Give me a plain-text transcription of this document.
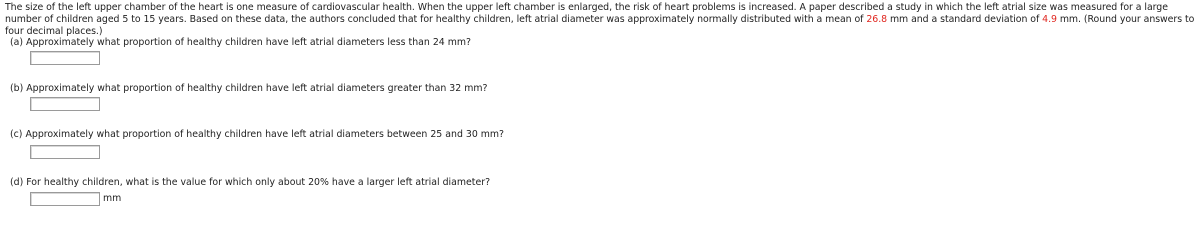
The size of the left upper chamber of the heart is one measure of cardiovascular health. When the upper left chamber is enlarged, the risk of heart problems is increased. A paper described a study in which the left atrial size was measured for a large number of children aged 5 to 15 years. Based on these data, the authors concluded that for healthy children, left atrial diameter was approximately normally distributed with a mean of 26.8 mm and a standard deviation of 4.9 mm. (Round your answers to four decimal places.)
(a) Approximately what proportion of healthy children have left atrial diameters less than 24 mm?
(b) Approximately what proportion of healthy children have left atrial diameters greater than 32 mm?
(c) Approximately what proportion of healthy children have left atrial diameters between 25 and 30 mm?
(d) For healthy children, what is the value for which only about 20% have a larger left atrial diameter?
mm
